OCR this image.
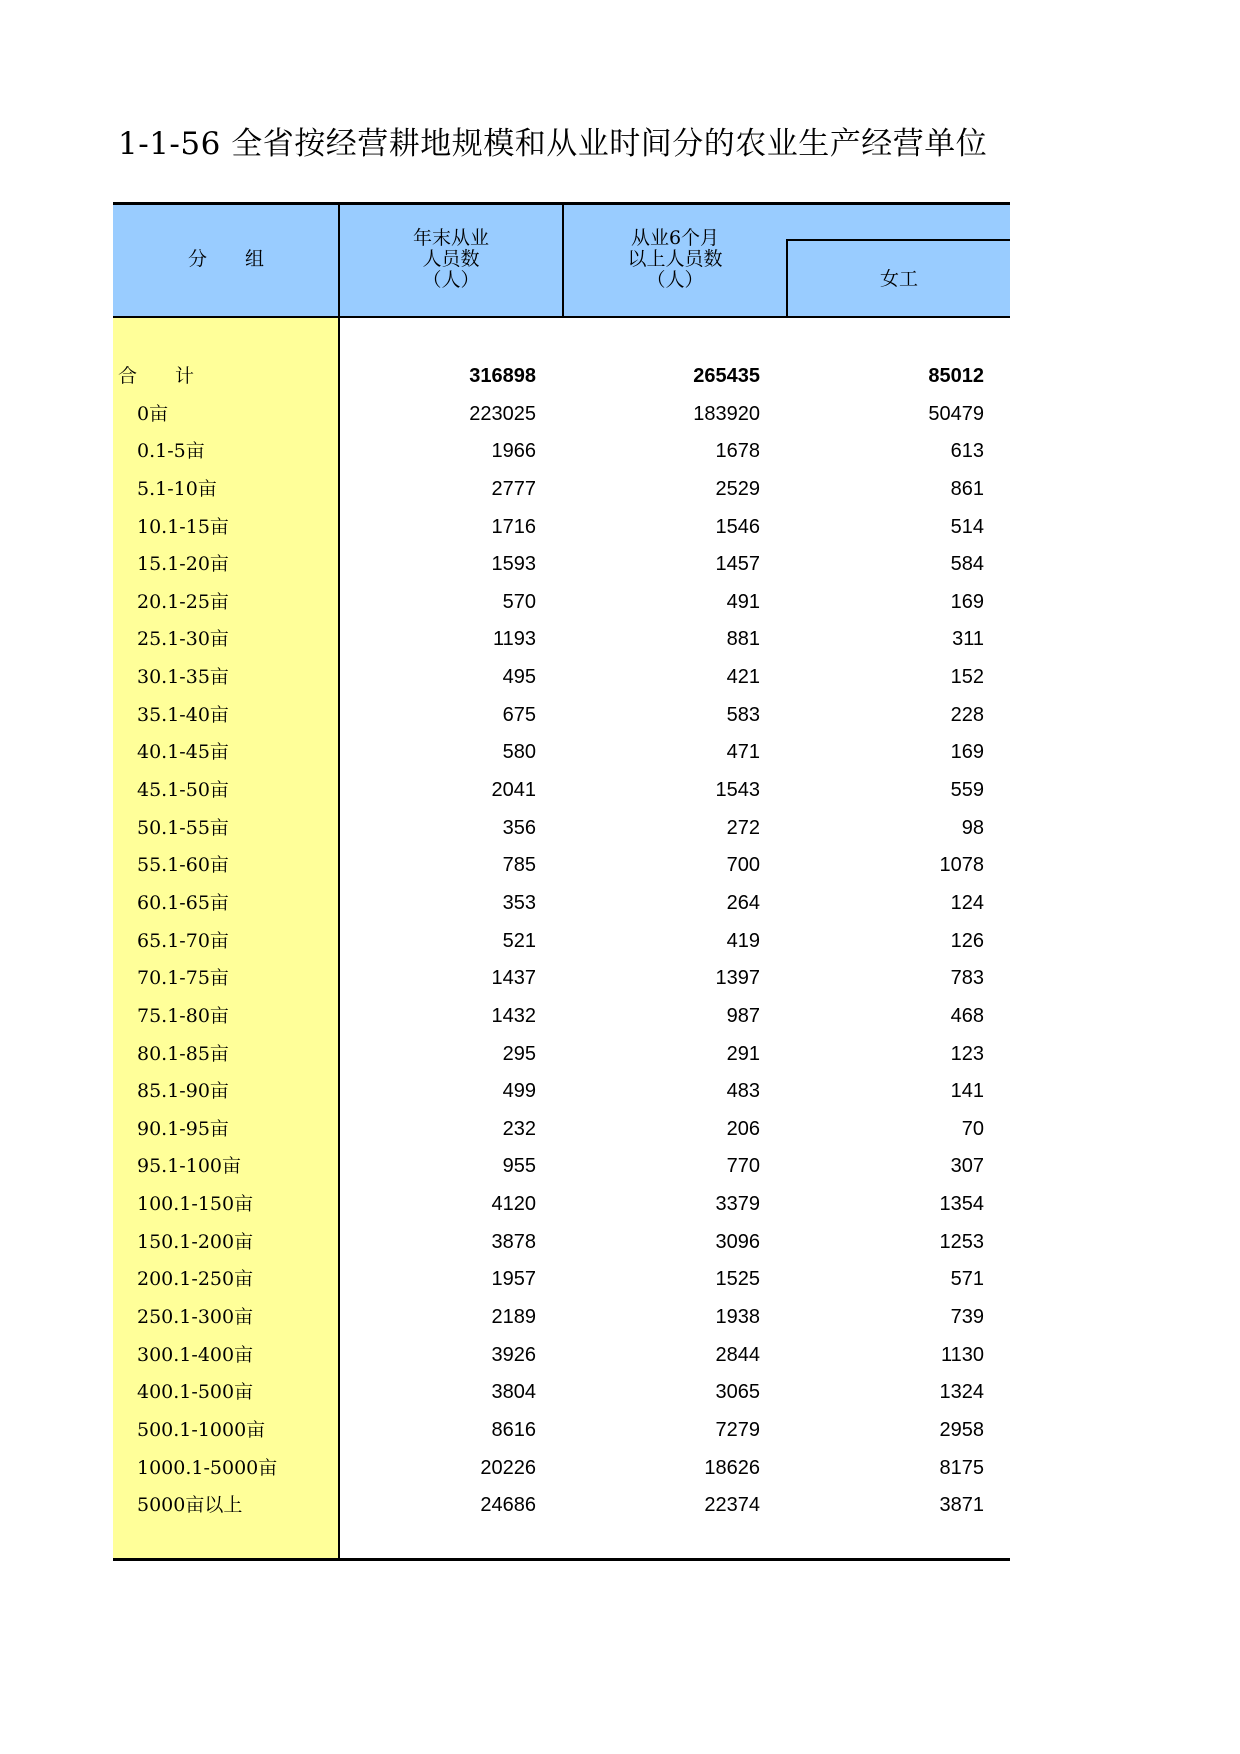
1-1-56 全省按经营耕地规模和从业时间分的农业生产经营单位
分　　组
年末从业
人员数
（人）
从业6个月
以上人员数
（人）	女工
合　　计	316898	265435	85012
0亩	223025	183920	50479
0.1-5亩	1966	1678	613
5.1-10亩	2777	2529	861
10.1-15亩	1716	1546	514
15.1-20亩	1593	1457	584
20.1-25亩	570	491	169
25.1-30亩	1193	881	311
30.1-35亩	495	421	152
35.1-40亩	675	583	228
40.1-45亩	580	471	169
45.1-50亩	2041	1543	559
50.1-55亩	356	272	98
55.1-60亩	785	700	1078
60.1-65亩	353	264	124
65.1-70亩	521	419	126
70.1-75亩	1437	1397	783
75.1-80亩	1432	987	468
80.1-85亩	295	291	123
85.1-90亩	499	483	141
90.1-95亩	232	206	70
95.1-100亩	955	770	307
100.1-150亩	4120	3379	1354
150.1-200亩	3878	3096	1253
200.1-250亩	1957	1525	571
250.1-300亩	2189	1938	739
300.1-400亩	3926	2844	1130
400.1-500亩	3804	3065	1324
500.1-1000亩	8616	7279	2958
1000.1-5000亩	20226	18626	8175
5000亩以上	24686	22374	3871
